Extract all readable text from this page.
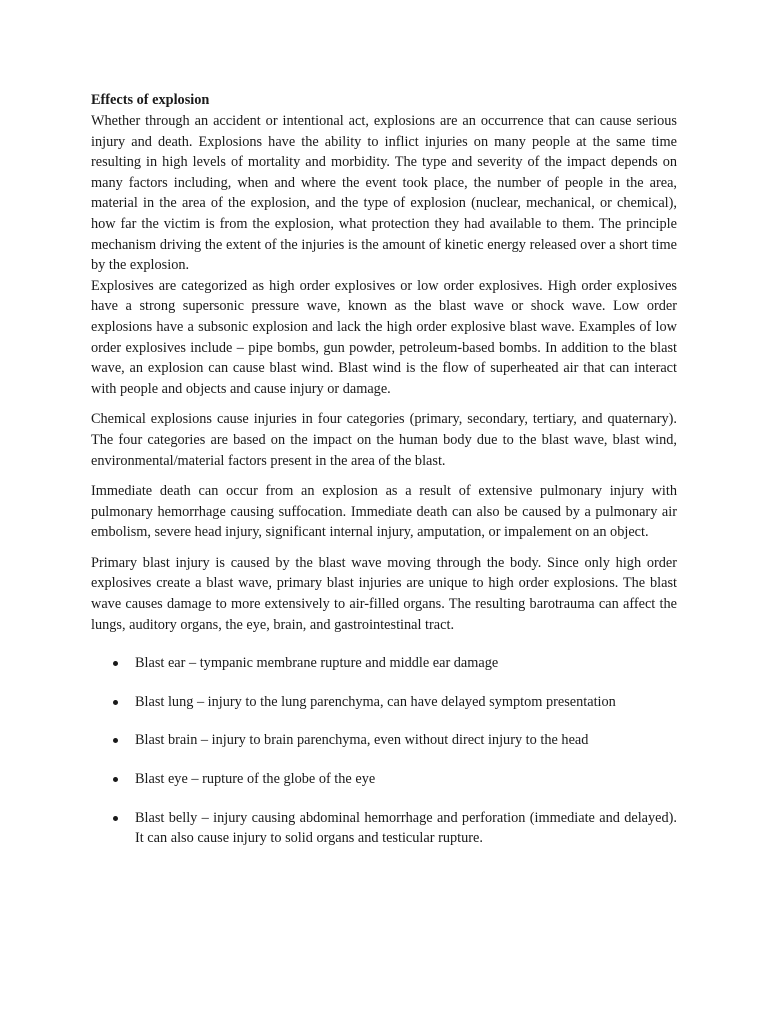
Effects of explosion

Whether through an accident or intentional act, explosions are an occurrence that can cause serious injury and death. Explosions have the ability to inflict injuries on many people at the same time resulting in high levels of mortality and morbidity. The type and severity of the impact depends on many factors including, when and where the event took place, the number of people in the area, material in the area of the explosion, and the type of explosion (nuclear, mechanical, or chemical), how far the victim is from the explosion, what protection they had available to them. The principle mechanism driving the extent of the injuries is the amount of kinetic energy released over a short time by the explosion.

Explosives are categorized as high order explosives or low order explosives. High order explosives have a strong supersonic pressure wave, known as the blast wave or shock wave. Low order explosions have a subsonic explosion and lack the high order explosive blast wave. Examples of low order explosives include – pipe bombs, gun powder, petroleum-based bombs. In addition to the blast wave, an explosion can cause blast wind. Blast wind is the flow of superheated air that can interact with people and objects and cause injury or damage.

Chemical explosions cause injuries in four categories (primary, secondary, tertiary, and quaternary). The four categories are based on the impact on the human body due to the blast wave, blast wind, environmental/material factors present in the area of the blast.

Immediate death can occur from an explosion as a result of extensive pulmonary injury with pulmonary hemorrhage causing suffocation. Immediate death can also be caused by a pulmonary air embolism, severe head injury, significant internal injury, amputation, or impalement on an object.

Primary blast injury is caused by the blast wave moving through the body. Since only high order explosives create a blast wave, primary blast injuries are unique to high order explosions. The blast wave causes damage to more extensively to air-filled organs. The resulting barotrauma can affect the lungs, auditory organs, the eye, brain, and gastrointestinal tract.

Blast ear – tympanic membrane rupture and middle ear damage
Blast lung – injury to the lung parenchyma, can have delayed symptom presentation
Blast brain – injury to brain parenchyma, even without direct injury to the head
Blast eye – rupture of the globe of the eye
Blast belly – injury causing abdominal hemorrhage and perforation (immediate and delayed). It can also cause injury to solid organs and testicular rupture.
